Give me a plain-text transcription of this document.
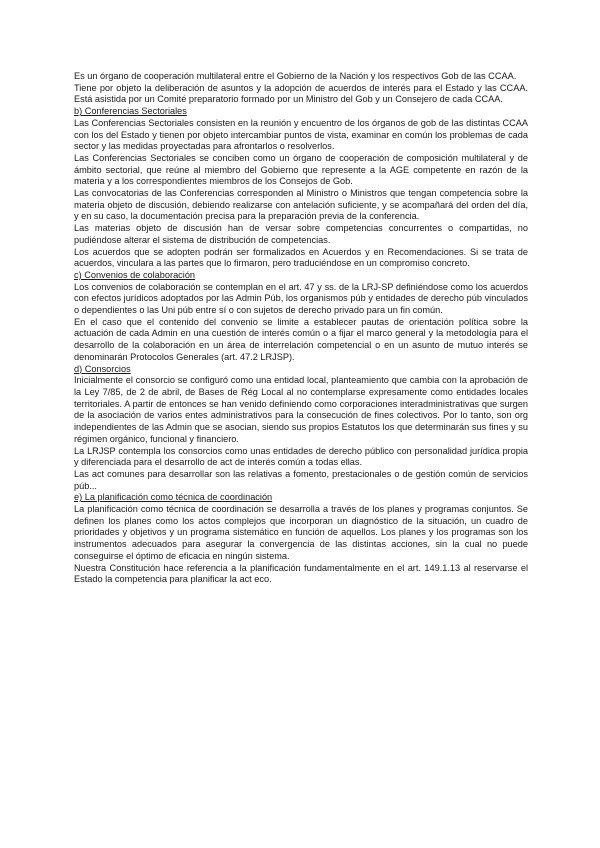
Es un órgano de cooperación multilateral entre el Gobierno de la Nación y los respectivos Gob de las CCAA.

Tiene por objeto la deliberación de asuntos y la adopción de acuerdos de interés para el Estado y las CCAA. Está asistida por un Comité preparatorio formado por un Ministro del Gob y un Consejero de cada CCAA.

b) Conferencias Sectoriales

Las Conferencias Sectoriales consisten en la reunión y encuentro de los órganos de gob de las distintas CCAA con los del Estado y tienen por objeto intercambiar puntos de vista, examinar en común los problemas de cada sector y las medidas proyectadas para afrontarlos o resolverlos.

Las Conferencias Sectoriales se conciben como un órgano de cooperación de composición multilateral y de ámbito sectorial, que reúne al miembro del Gobierno que represente a la AGE competente en razón de la materia y a los correspondientes miembros de los Consejos de Gob.

Las convocatorias de las Conferencias corresponden al Ministro o Ministros que tengan competencia sobre la materia objeto de discusión, debiendo realizarse con antelación suficiente, y se acompañará del orden del día, y en su caso, la documentación precisa para la preparación previa de la conferencia.

Las materias objeto de discusión han de versar sobre competencias concurrentes o compartidas, no pudiéndose alterar el sistema de distribución de competencias.

Los acuerdos que se adopten podrán ser formalizados en Acuerdos y en Recomendaciones. Si se trata de acuerdos, vinculara a las partes que lo firmaron, pero traduciéndose en un compromiso concreto.

c) Convenios de colaboración

Los convenios de colaboración se contemplan en el art. 47 y ss. de la LRJ-SP definiéndose como los acuerdos con efectos jurídicos adoptados por las Admin Púb, los organismos púb y entidades de derecho púb vinculados o dependientes o las Uni púb entre sí o con sujetos de derecho privado para un fin común.

En el caso que el contenido del convenio se limite a establecer pautas de orientación política sobre la actuación de cada Admin en una cuestión de interés común o a fijar el marco general y la metodología para el desarrollo de la colaboración en un área de interrelación competencial o en un asunto de mutuo interés se denominarán Protocolos Generales (art. 47.2 LRJSP).

d) Consorcios

Inicialmente el consorcio se configuró como una entidad local, planteamiento que cambia con la aprobación de la Ley 7/85, de 2 de abril, de Bases de Rég Local al no contemplarse expresamente como entidades locales territoriales. A partir de entonces se han venido definiendo como corporaciones interadministrativas que surgen de la asociación de varios entes administrativos para la consecución de fines colectivos. Por lo tanto, son org independientes de las Admin que se asocian, siendo sus propios Estatutos los que determinarán sus fines y su régimen orgánico, funcional y financiero.

La LRJSP contempla los consorcios como unas entidades de derecho público con personalidad jurídica propia y diferenciada para el desarrollo de act de interés común a todas ellas.

Las act comunes para desarrollar son las relativas a fomento, prestacionales o de gestión común de servicios púb...

e) La planificación como técnica de coordinación

La planificación como técnica de coordinación se desarrolla a través de los planes y programas conjuntos. Se definen los planes como los actos complejos que incorporan un diagnóstico de la situación, un cuadro de prioridades y objetivos y un programa sistemático en función de aquellos. Los planes y los programas son los instrumentos adecuados para asegurar la convergencia de las distintas acciones, sin la cual no puede conseguirse el óptimo de eficacia en ningún sistema.

Nuestra Constitución hace referencia a la planificación fundamentalmente en el art. 149.1.13 al reservarse el Estado la competencia para planificar la act eco.
